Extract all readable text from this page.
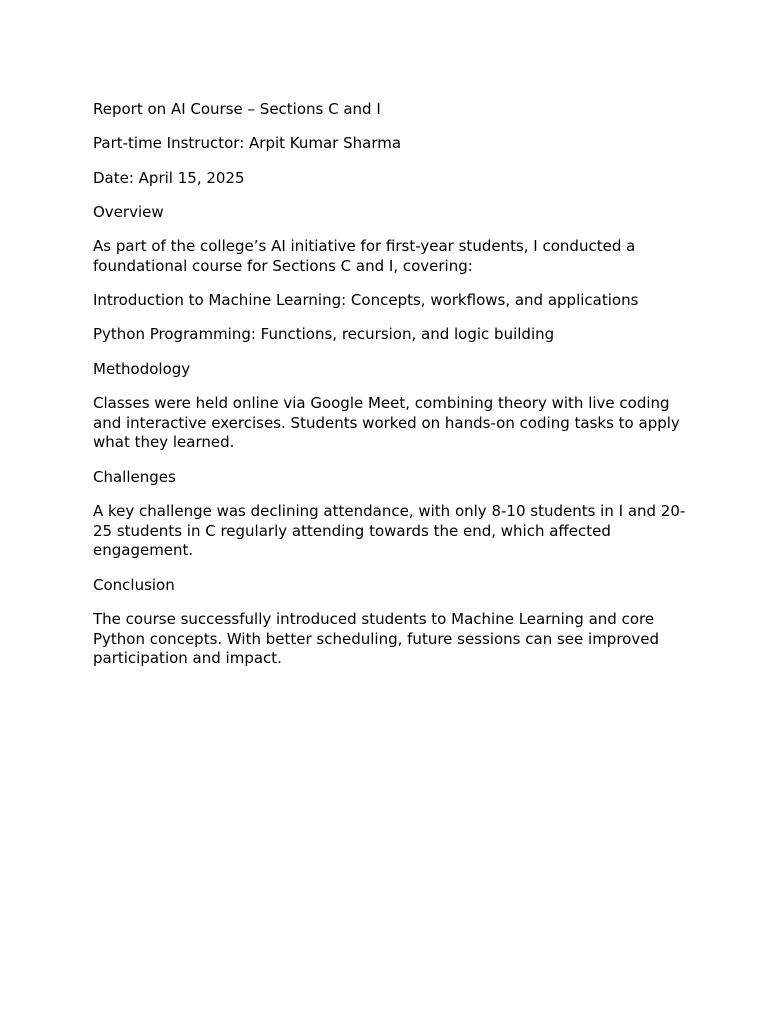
Report on AI Course – Sections C and I

Part-time Instructor: Arpit Kumar Sharma

Date: April 15, 2025

Overview

As part of the college’s AI initiative for first-year students, I conducted a foundational course for Sections C and I, covering:

Introduction to Machine Learning: Concepts, workflows, and applications

Python Programming: Functions, recursion, and logic building

Methodology

Classes were held online via Google Meet, combining theory with live coding and interactive exercises. Students worked on hands-on coding tasks to apply what they learned.

Challenges

A key challenge was declining attendance, with only 8-10 students in I and 20-25 students in C regularly attending towards the end, which affected engagement.

Conclusion

The course successfully introduced students to Machine Learning and core Python concepts. With better scheduling, future sessions can see improved participation and impact.
